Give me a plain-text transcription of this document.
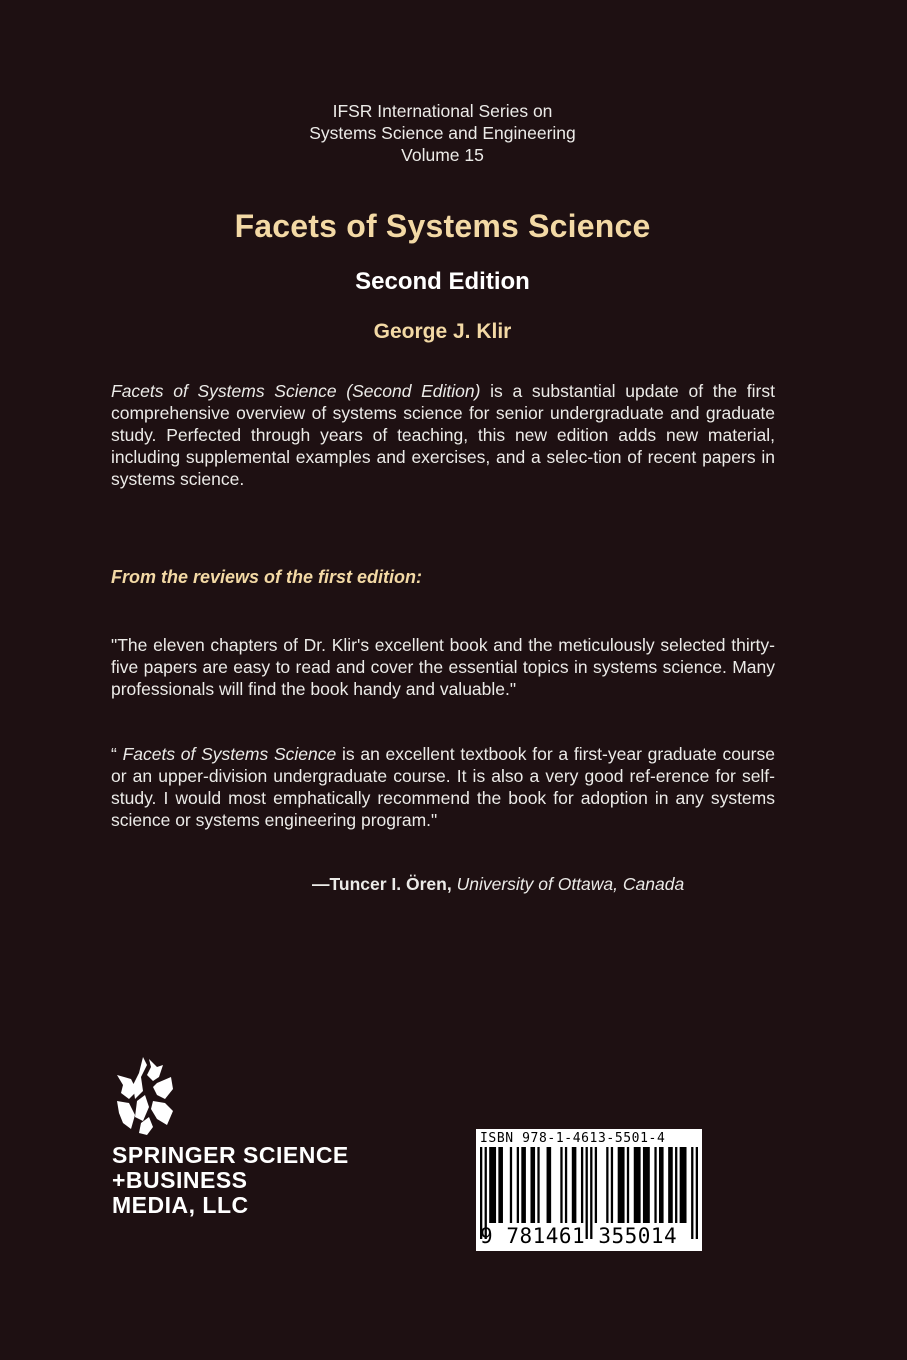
IFSR International Series on
Systems Science and Engineering
Volume 15
Facets of Systems Science
Second Edition
George J. Klir
Facets of Systems Science (Second Edition) is a substantial update of the first comprehensive overview of systems science for senior undergraduate and graduate study. Perfected through years of teaching, this new edition adds new material, including supplemental examples and exercises, and a selec-tion of recent papers in systems science.
From the reviews of the first edition:
"The eleven chapters of Dr. Klir's excellent book and the meticulously selected thirty-five papers are easy to read and cover the essential topics in systems science. Many professionals will find the book handy and valuable."
“ Facets of Systems Science is an excellent textbook for a first-year graduate course or an upper-division undergraduate course. It is also a very good ref-erence for self-study. I would most emphatically recommend the book for adoption in any systems science or systems engineering program."
—Tuncer I. Ören, University of Ottawa, Canada
SPRINGER SCIENCE
+BUSINESS
MEDIA, LLC
ISBN 978-1-4613-5501-4
9 781461 355014
